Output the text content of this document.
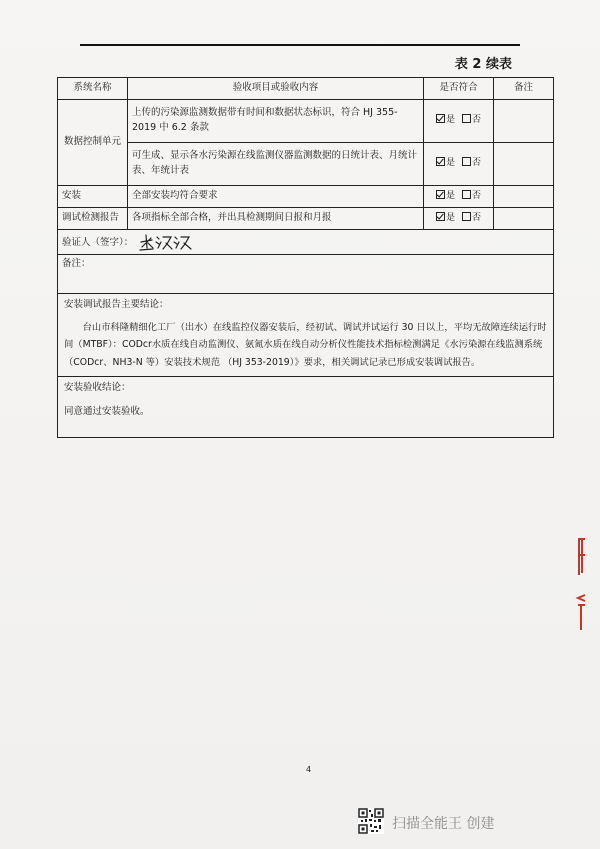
表 2 续表
系统名称	验收项目或验收内容	是否符合	备注
数据控制单元	上传的污染源监测数据带有时间和数据状态标识，符合 HJ 355-2019 中 6.2 条款	是 否	
	可生成、显示各水污染源在线监测仪器监测数据的日统计表、月统计表、年统计表	是 否	
安装	全部安装均符合要求	是 否	
调试检测报告	各项指标全部合格，并出具检测期间日报和月报	是 否	
验证人（签字）：			
备注：			

安装调试报告主要结论：

台山市科隆精细化工厂（出水）在线监控仪器安装后，经初试、调试并试运行 30 日以上，平均无故障连续运行时间（MTBF）：CODcr水质在线自动监测仪、氨氮水质在线自动分析仪性能技术指标检测满足《水污染源在线监测系统（CODcr、NH3-N 等）安装技术规范 （HJ 353-2019）》要求，相关调试记录已形成安装调试报告。			

安装验收结论：

同意通过安装验收。			

4
扫描全能王 创建
